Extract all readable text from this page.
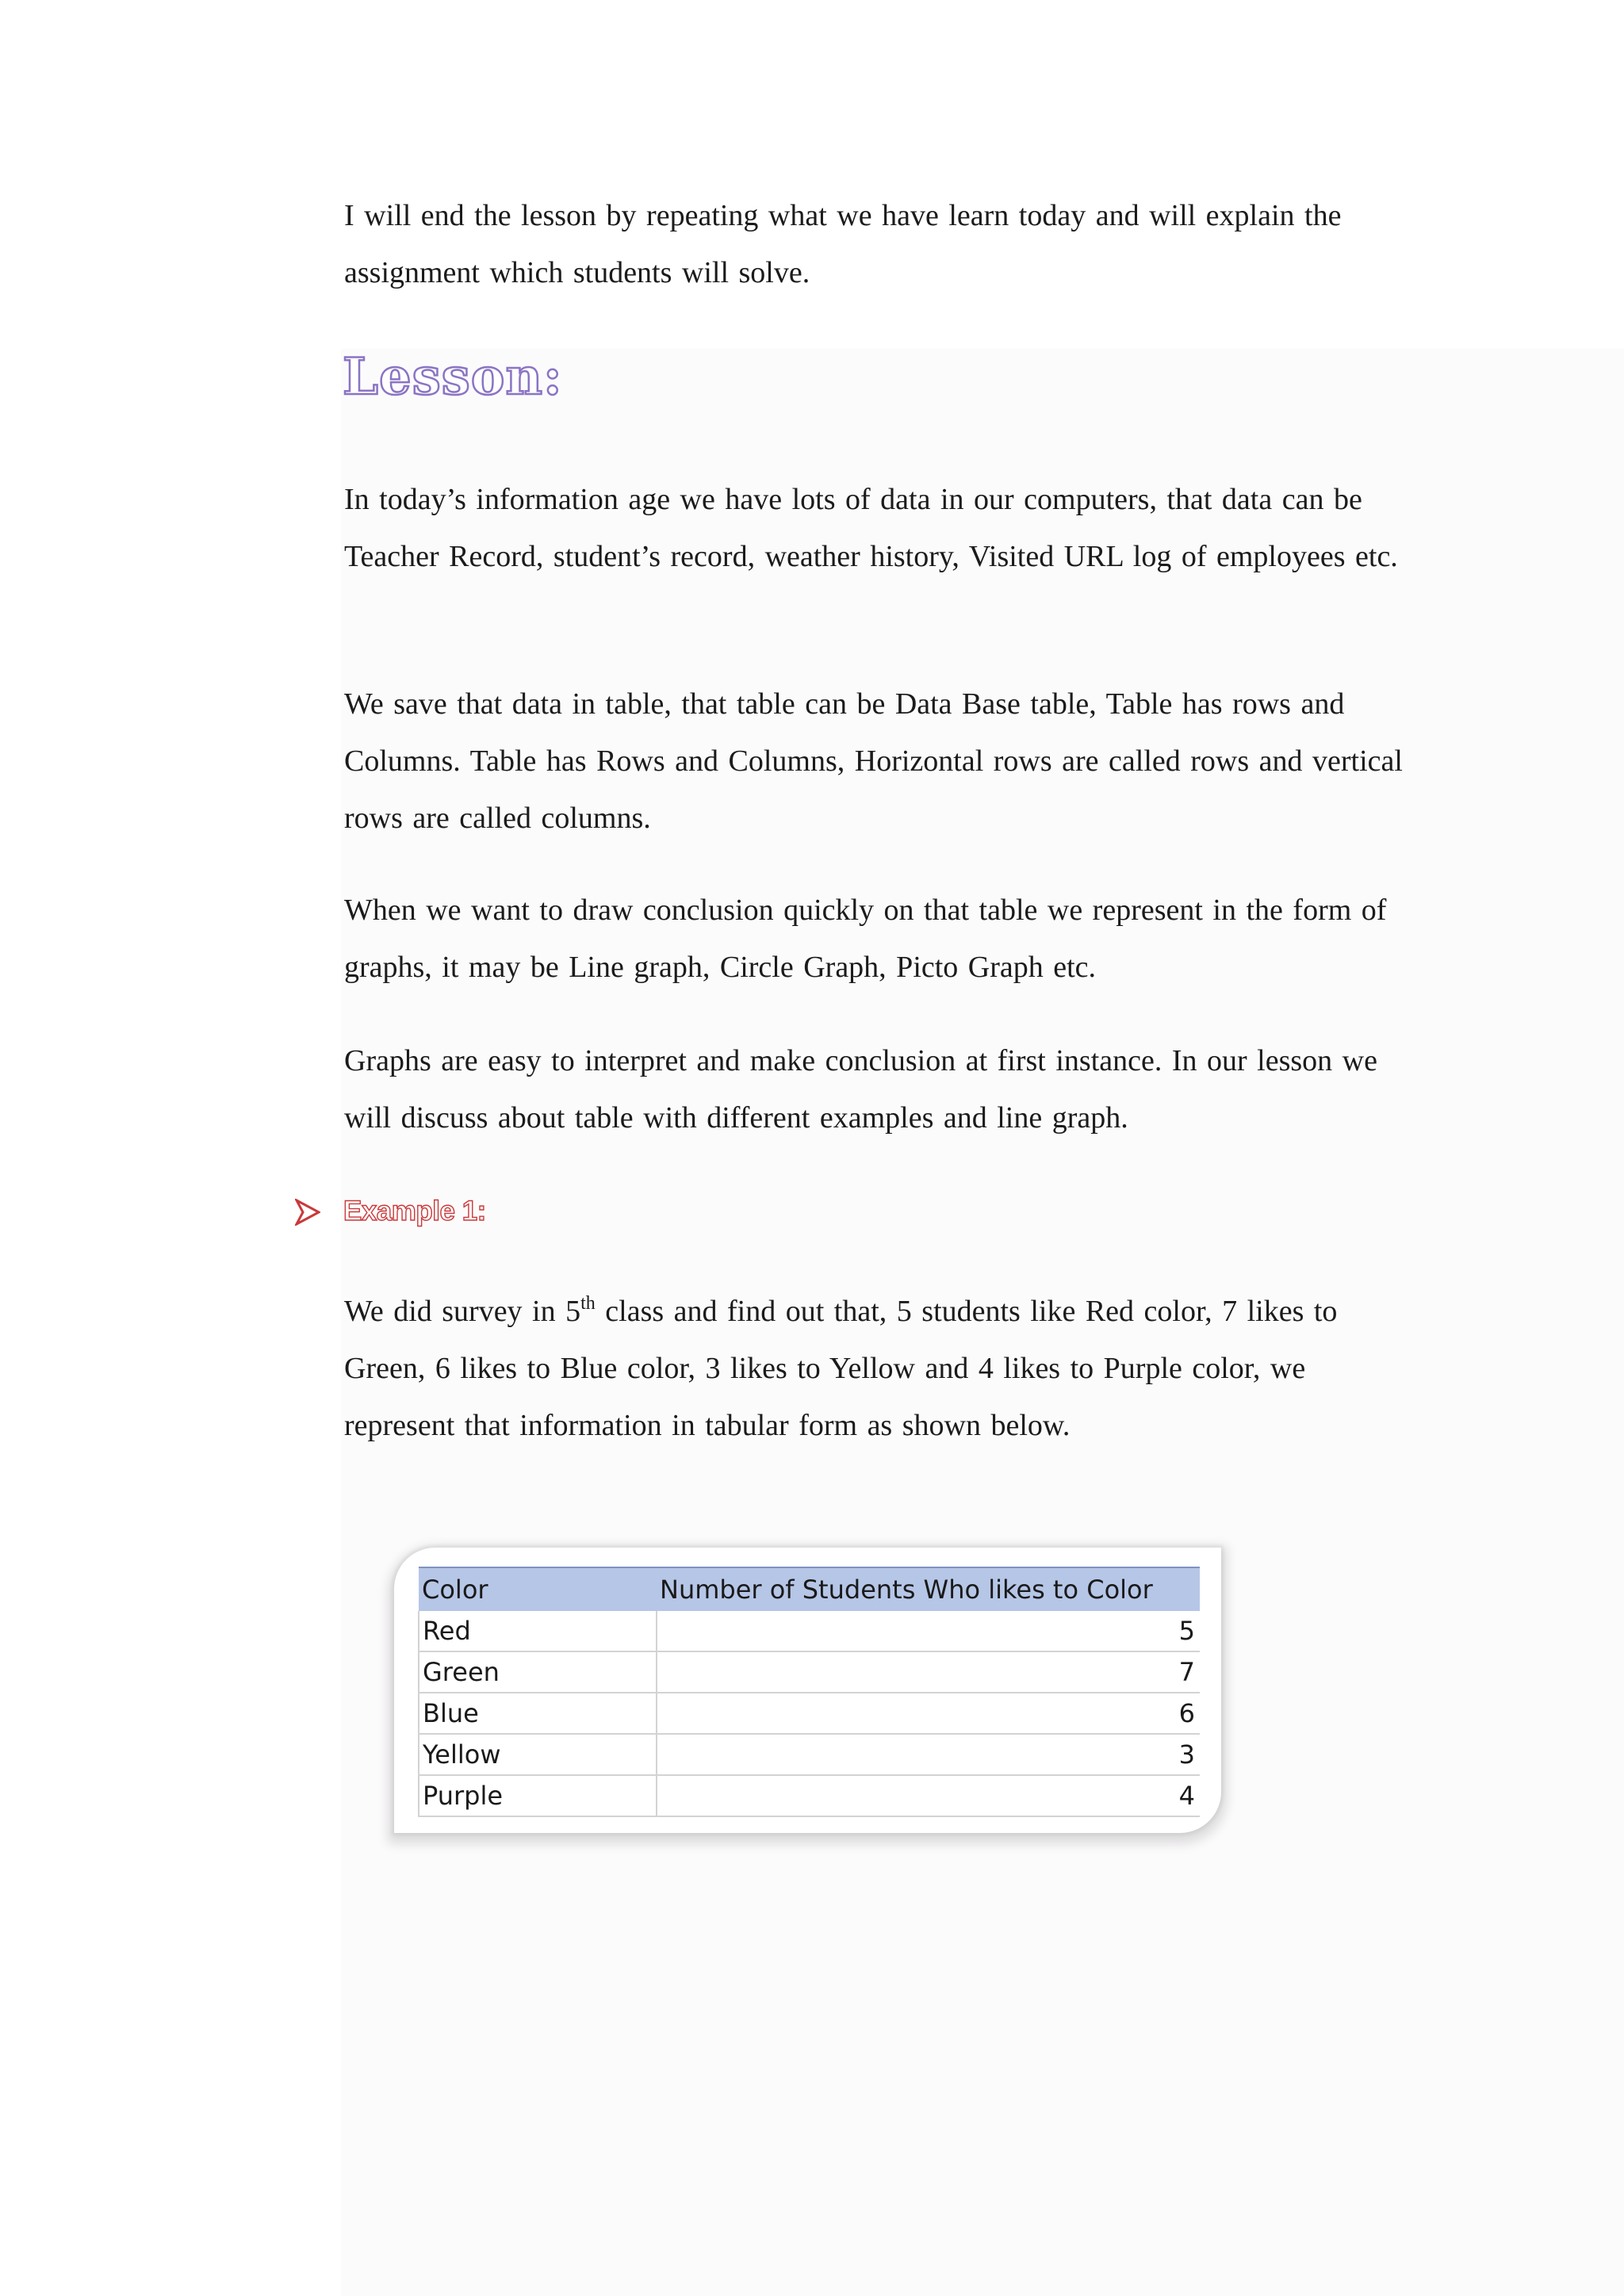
I will end the lesson by repeating what we have learn today and will explain the assignment which students will solve.

Lesson:

In today’s information age we have lots of data in our computers, that data can be Teacher Record, student’s record, weather history, Visited URL log of employees etc.

We save that data in table, that table can be Data Base table, Table has rows and Columns. Table has Rows and Columns, Horizontal rows are called rows and vertical rows are called columns.

When we want to draw conclusion quickly on that table we represent in the form of graphs, it may be Line graph, Circle Graph, Picto Graph etc.

Graphs are easy to interpret and make conclusion at first instance. In our lesson we will discuss about table with different examples and line graph.

Example 1:

We did survey in 5th class and find out that, 5 students like Red color, 7 likes to Green, 6 likes to Blue color, 3 likes to Yellow and 4 likes to Purple color, we represent that information in tabular form as shown below.

Color	Number of Students Who likes to Color
Red	5
Green	7
Blue	6
Yellow	3
Purple	4
